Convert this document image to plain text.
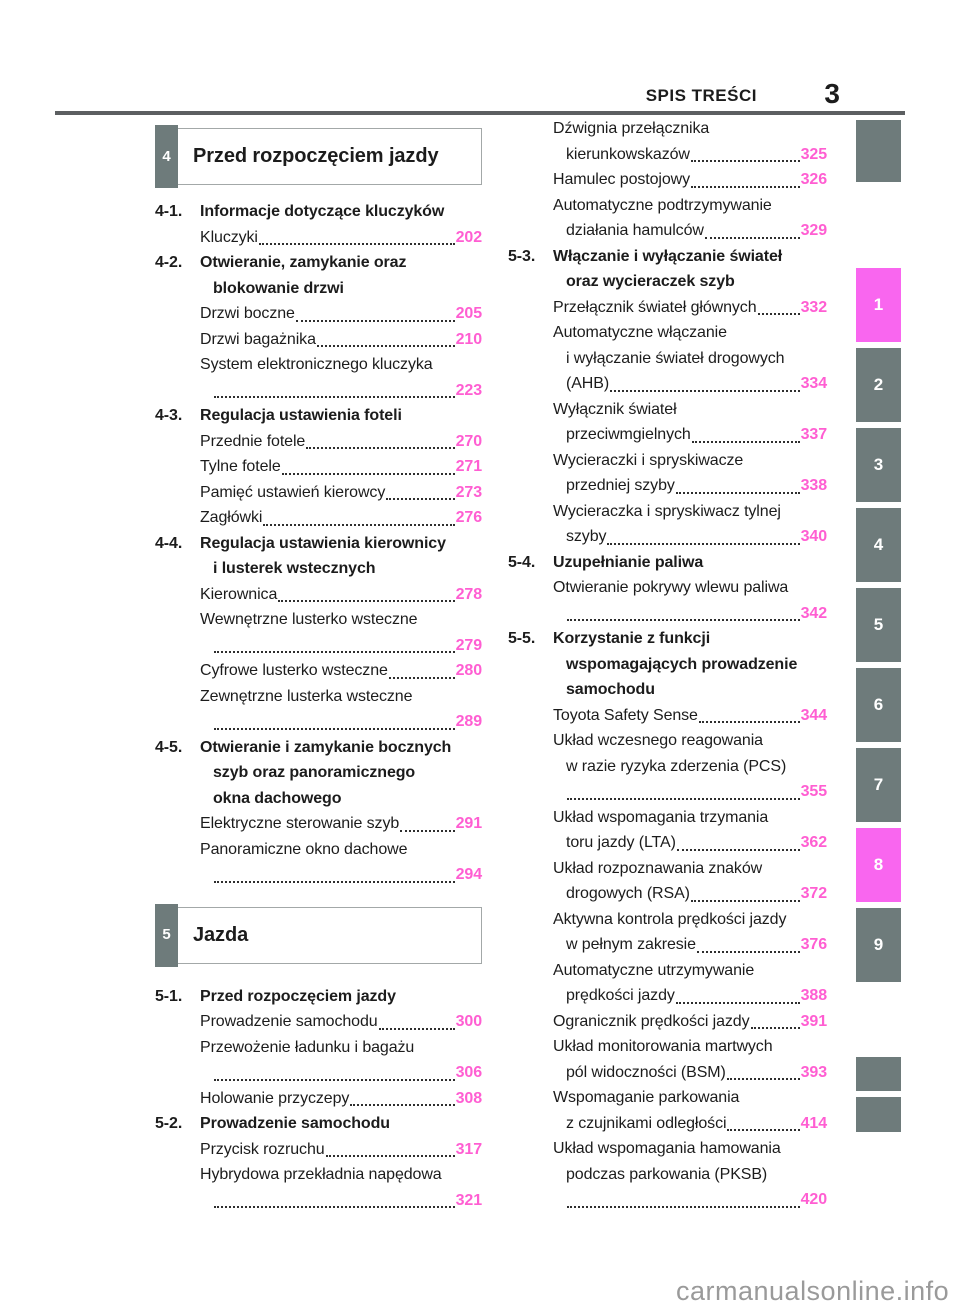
SPIS TREŚCI 3
4	Przed rozpoczęciem jazdy
4-1.	Informacje dotyczące kluczyków
Kluczyki	202
4-2.	Otwieranie, zamykanie oraz
blokowanie drzwi
Drzwi boczne	205
Drzwi bagażnika	210
System elektronicznego kluczyka
223
4-3.	Regulacja ustawienia foteli
Przednie fotele	270
Tylne fotele	271
Pamięć ustawień kierowcy	273
Zagłówki	276
4-4.	Regulacja ustawienia kierownicy
i lusterek wstecznych
Kierownica	278
Wewnętrzne lusterko wsteczne
279
Cyfrowe lusterko wsteczne	280
Zewnętrzne lusterka wsteczne
289
4-5.	Otwieranie i zamykanie bocznych
szyb oraz panoramicznego
okna dachowego
Elektryczne sterowanie szyb	291
Panoramiczne okno dachowe
294
5	Jazda
5-1.	Przed rozpoczęciem jazdy
Prowadzenie samochodu	300
Przewożenie ładunku i bagażu
306
Holowanie przyczepy	308
5-2.	Prowadzenie samochodu
Przycisk rozruchu	317
Hybrydowa przekładnia napędowa
321
Dźwignia przełącznika
kierunkowskazów	325
Hamulec postojowy	326
Automatyczne podtrzymywanie
działania hamulców	329
5-3.	Włączanie i wyłączanie świateł
oraz wycieraczek szyb
Przełącznik świateł głównych	332
Automatyczne włączanie
i wyłączanie świateł drogowych
(AHB)	334
Wyłącznik świateł
przeciwmgielnych	337
Wycieraczki i spryskiwacze
przedniej szyby	338
Wycieraczka i spryskiwacz tylnej
szyby	340
5-4.	Uzupełnianie paliwa
Otwieranie pokrywy wlewu paliwa
342
5-5.	Korzystanie z funkcji
wspomagających prowadzenie
samochodu
Toyota Safety Sense	344
Układ wczesnego reagowania
w razie ryzyka zderzenia (PCS)
355
Układ wspomagania trzymania
toru jazdy (LTA)	362
Układ rozpoznawania znaków
drogowych (RSA)	372
Aktywna kontrola prędkości jazdy
w pełnym zakresie	376
Automatyczne utrzymywanie
prędkości jazdy	388
Ogranicznik prędkości jazdy	391
Układ monitorowania martwych
pól widoczności (BSM)	393
Wspomaganie parkowania
z czujnikami odległości	414
Układ wspomagania hamowania
podczas parkowania (PKSB)
420
1
2
3
4
5
6
7
8
9
carmanualsonline.info
